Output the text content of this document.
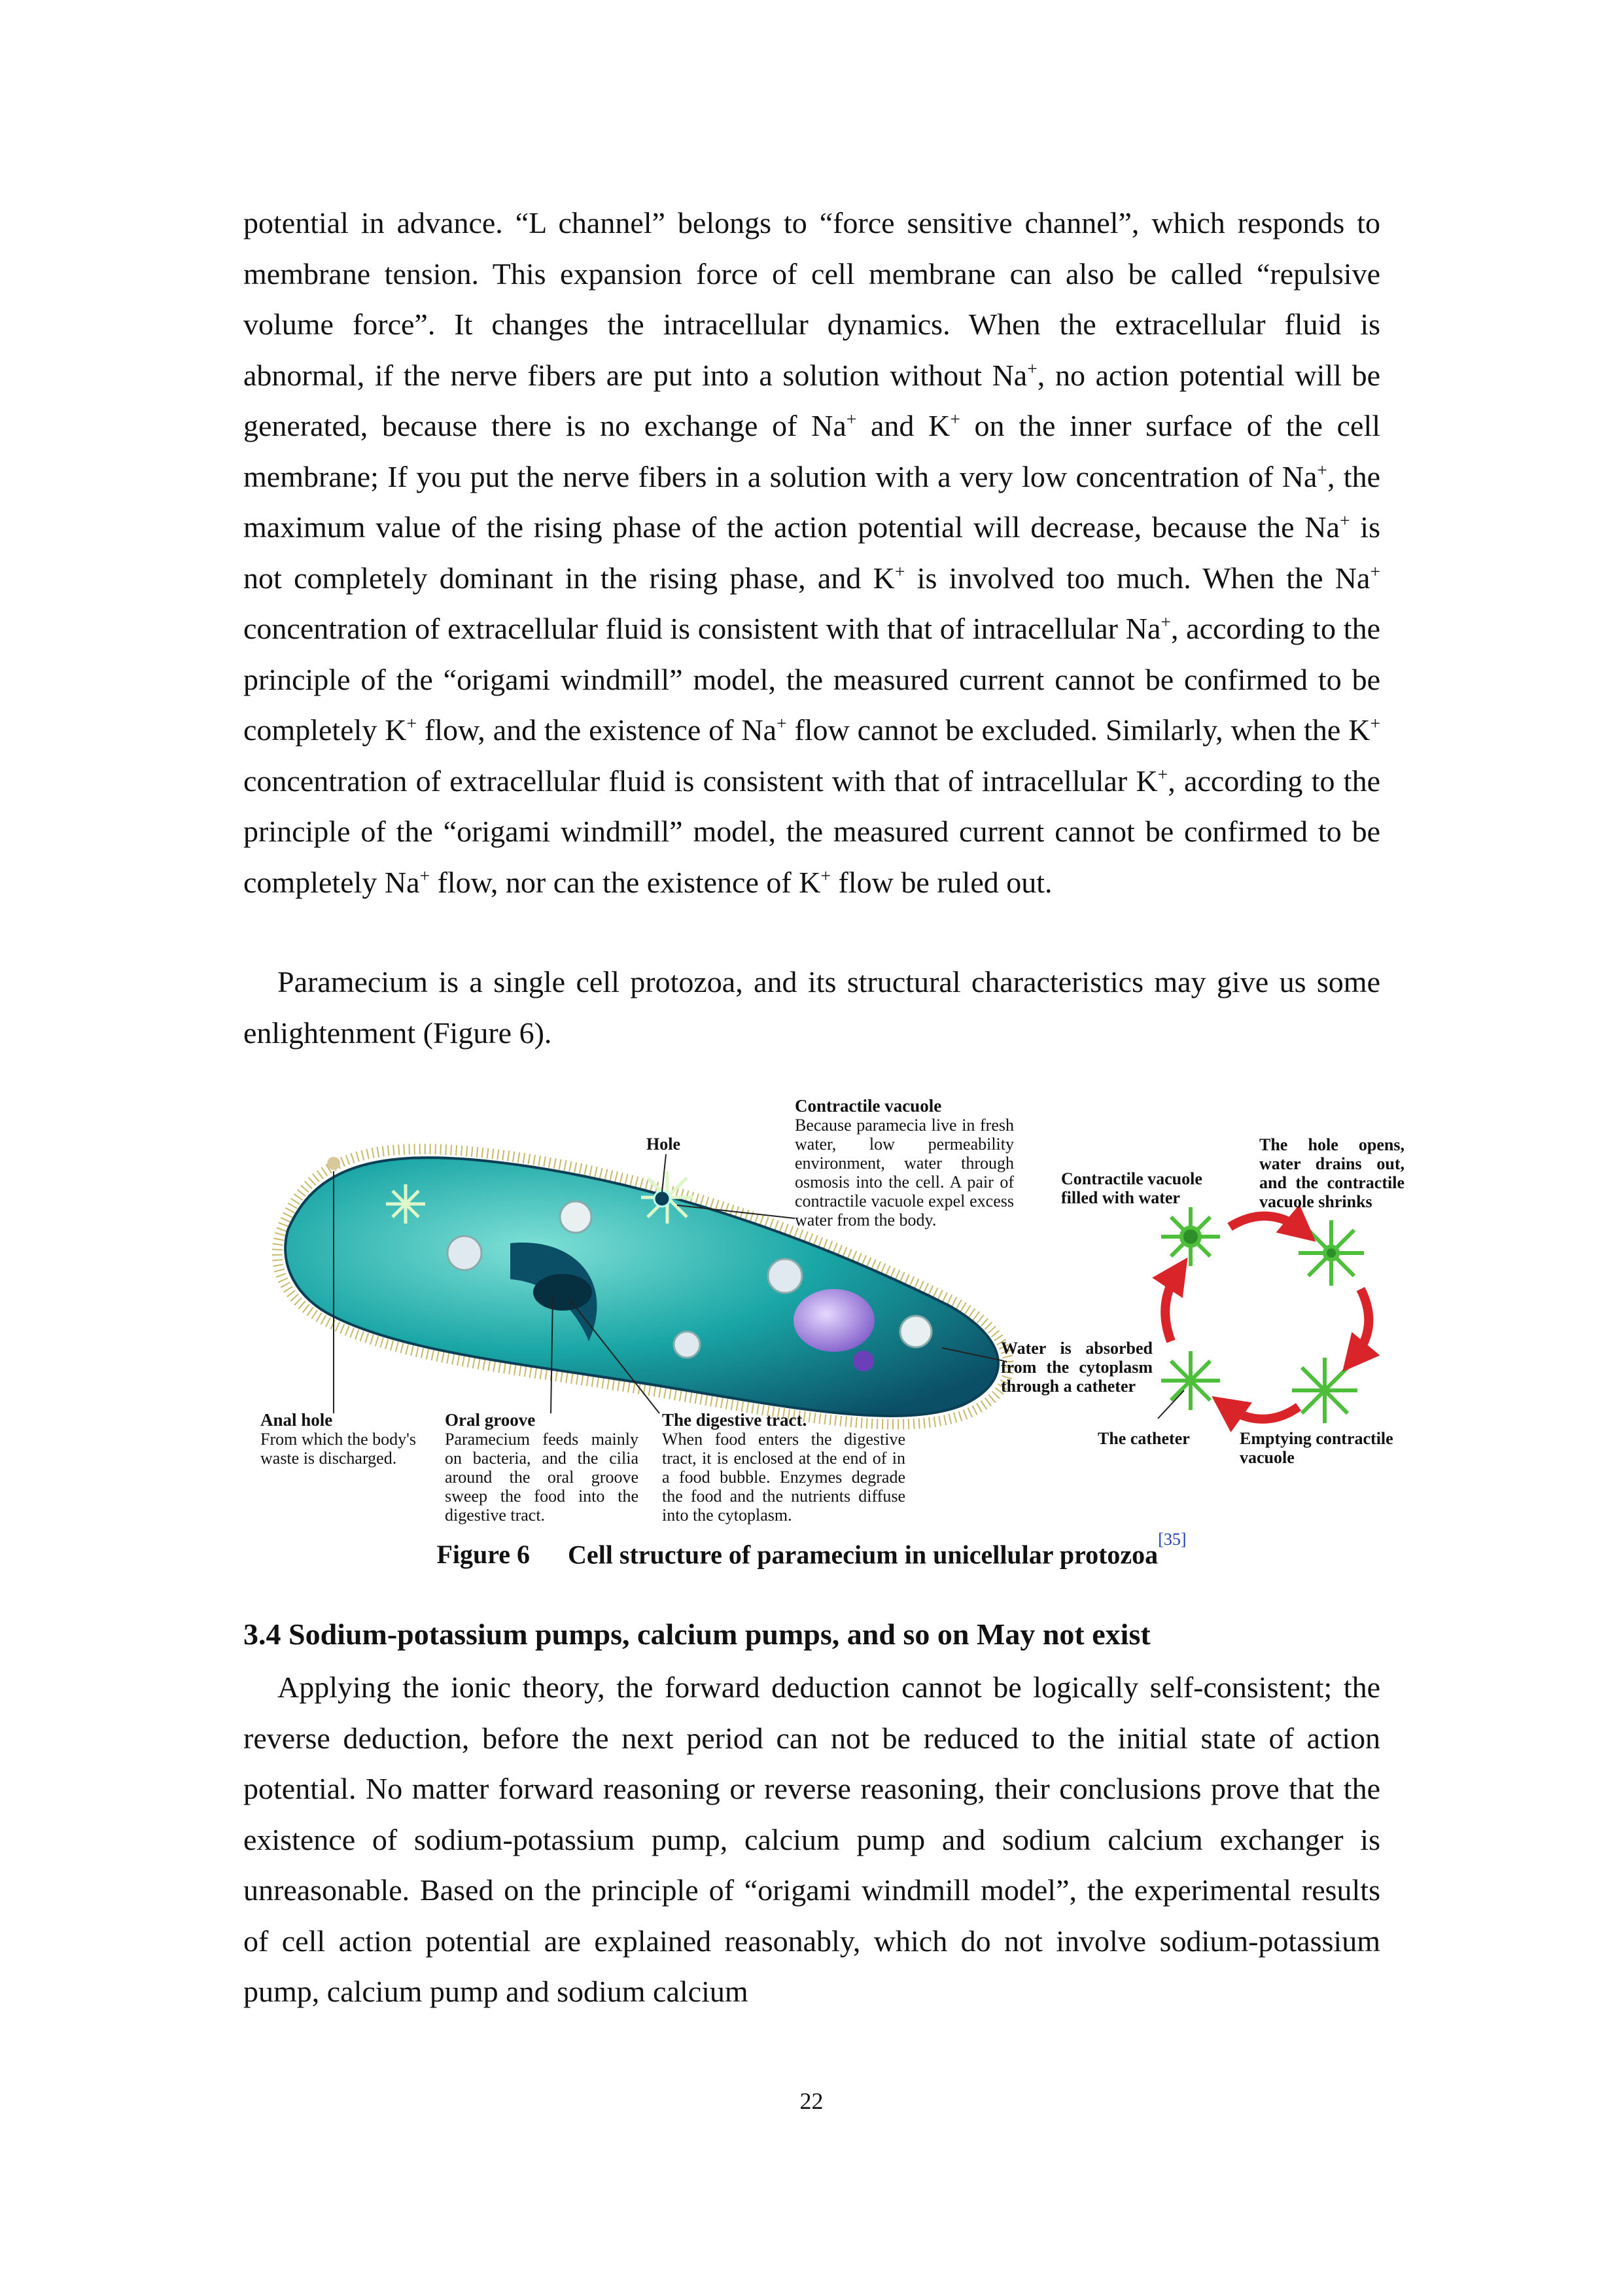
potential in advance. “L channel” belongs to “force sensitive channel”, which responds to membrane tension. This expansion force of cell membrane can also be called “repulsive volume force”. It changes the intracellular dynamics. When the extracellular fluid is abnormal, if the nerve fibers are put into a solution without Na+, no action potential will be generated, because there is no exchange of Na+ and K+ on the inner surface of the cell membrane; If you put the nerve fibers in a solution with a very low concentration of Na+, the maximum value of the rising phase of the action potential will decrease, because the Na+ is not completely dominant in the rising phase, and K+ is involved too much. When the Na+ concentration of extracellular fluid is consistent with that of intracellular Na+, according to the principle of the “origami windmill” model, the measured current cannot be confirmed to be completely K+ flow, and the existence of Na+ flow cannot be excluded. Similarly, when the K+ concentration of extracellular fluid is consistent with that of intracellular K+, according to the principle of the “origami windmill” model, the measured current cannot be confirmed to be completely Na+ flow, nor can the existence of K+ flow be ruled out.

Paramecium is a single cell protozoa, and its structural characteristics may give us some enlightenment (Figure 6).

Hole

Contractile vacuole
Because paramecia live in fresh water, low permeability environment, water through osmosis into the cell. A pair of contractile vacuole expel excess water from the body.

Contractile vacuole filled with water

The hole opens, water drains out, and the contractile vacuole shrinks

Water is absorbed from the cytoplasm through a catheter

The catheter	Emptying contractile vacuole

Anal hole
From which the body's waste is discharged.
Oral groove
Paramecium feeds mainly on bacteria, and the cilia around the oral groove sweep the food into the digestive tract.
The digestive tract.
When food enters the digestive tract, it is enclosed at the end of in a food bubble. Enzymes degrade the food and the nutrients diffuse into the cytoplasm.
Figure 6 Cell structure of paramecium in unicellular protozoa[35]
3.4 Sodium-potassium pumps, calcium pumps, and so on May not exist

Applying the ionic theory, the forward deduction cannot be logically self-consistent; the reverse deduction, before the next period can not be reduced to the initial state of action potential. No matter forward reasoning or reverse reasoning, their conclusions prove that the existence of sodium-potassium pump, calcium pump and sodium calcium exchanger is unreasonable. Based on the principle of “origami windmill model”, the experimental results of cell action potential are explained reasonably, which do not involve sodium-potassium pump, calcium pump and sodium calcium

22
